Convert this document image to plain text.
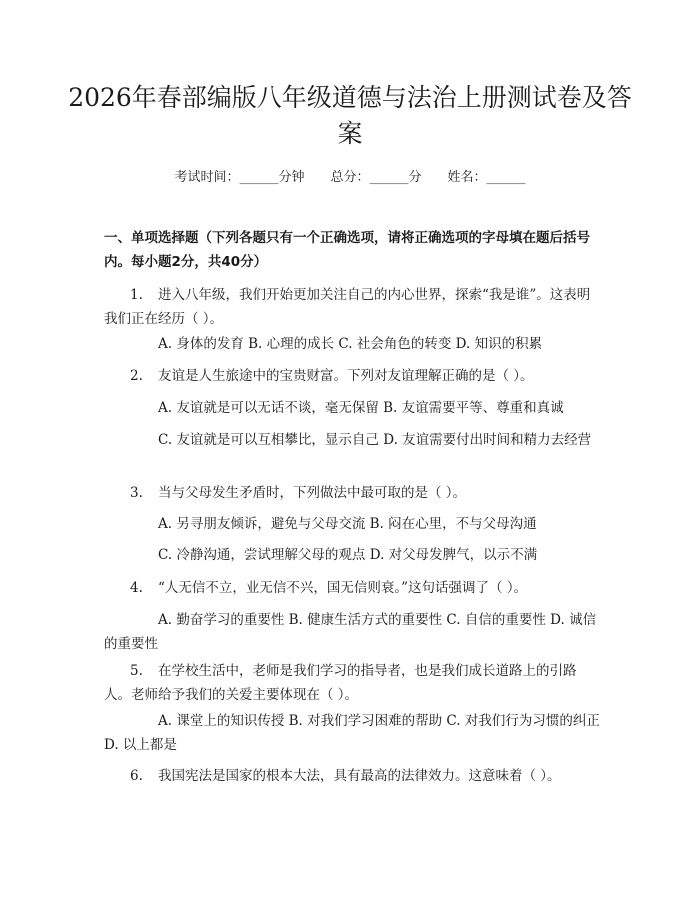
2026年春部编版八年级道德与法治上册测试卷及答案
考试时间：______分钟 总分：______分 姓名：______

一、单项选择题（下列各题只有一个正确选项，请将正确选项的字母填在题后括号内。每小题2分，共40分）

1. 进入八年级，我们开始更加关注自己的内心世界，探索“我是谁”。这表明我们正在经历（ ）。

A. 身体的发育 B. 心理的成长 C. 社会角色的转变 D. 知识的积累

2. 友谊是人生旅途中的宝贵财富。下列对友谊理解正确的是（ ）。

A. 友谊就是可以无话不谈，毫无保留 B. 友谊需要平等、尊重和真诚

C. 友谊就是可以互相攀比，显示自己 D. 友谊需要付出时间和精力去经营

3. 当与父母发生矛盾时，下列做法中最可取的是（ ）。

A. 另寻朋友倾诉，避免与父母交流 B. 闷在心里，不与父母沟通

C. 冷静沟通，尝试理解父母的观点 D. 对父母发脾气，以示不满

4. “人无信不立，业无信不兴，国无信则衰。”这句话强调了（ ）。

A. 勤奋学习的重要性 B. 健康生活方式的重要性 C. 自信的重要性 D. 诚信的重要性

5. 在学校生活中，老师是我们学习的指导者，也是我们成长道路上的引路人。老师给予我们的关爱主要体现在（ ）。

A. 课堂上的知识传授 B. 对我们学习困难的帮助 C. 对我们行为习惯的纠正 D. 以上都是

6. 我国宪法是国家的根本大法，具有最高的法律效力。这意味着（ ）。
